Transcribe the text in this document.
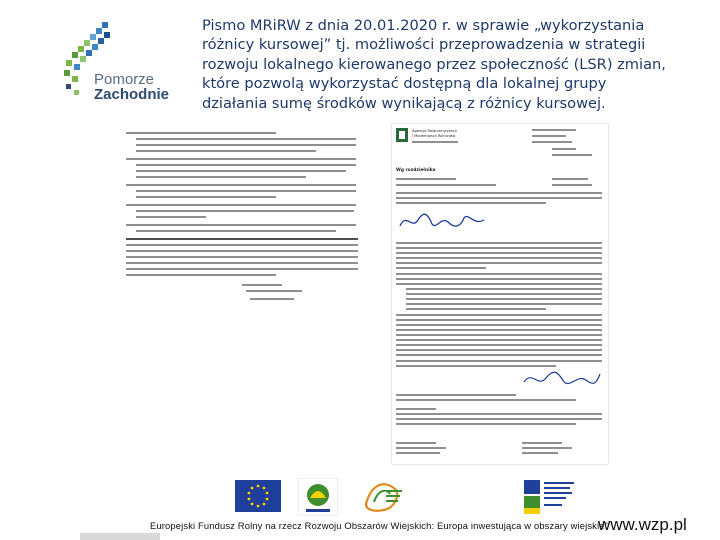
Pomorze
Zachodnie
Pismo MRiRW z dnia 20.01.2020 r. w sprawie „wykorzystania różnicy kursowej” tj. możliwości przeprowadzenia w strategii rozwoju lokalnego kierowanego przez społeczność (LSR) zmian, które pozwolą wykorzystać dostępną dla lokalnej grupy działania sumę środków wynikającą z różnicy kursowej.
Agencja Restrukturyzacji
i Modernizacji Rolnictwa
Wg rozdzielnika
Europejski Fundusz Rolny na rzecz Rozwoju Obszarów Wiejskich: Europa inwestująca w obszary wiejskie”
www.wzp.pl
